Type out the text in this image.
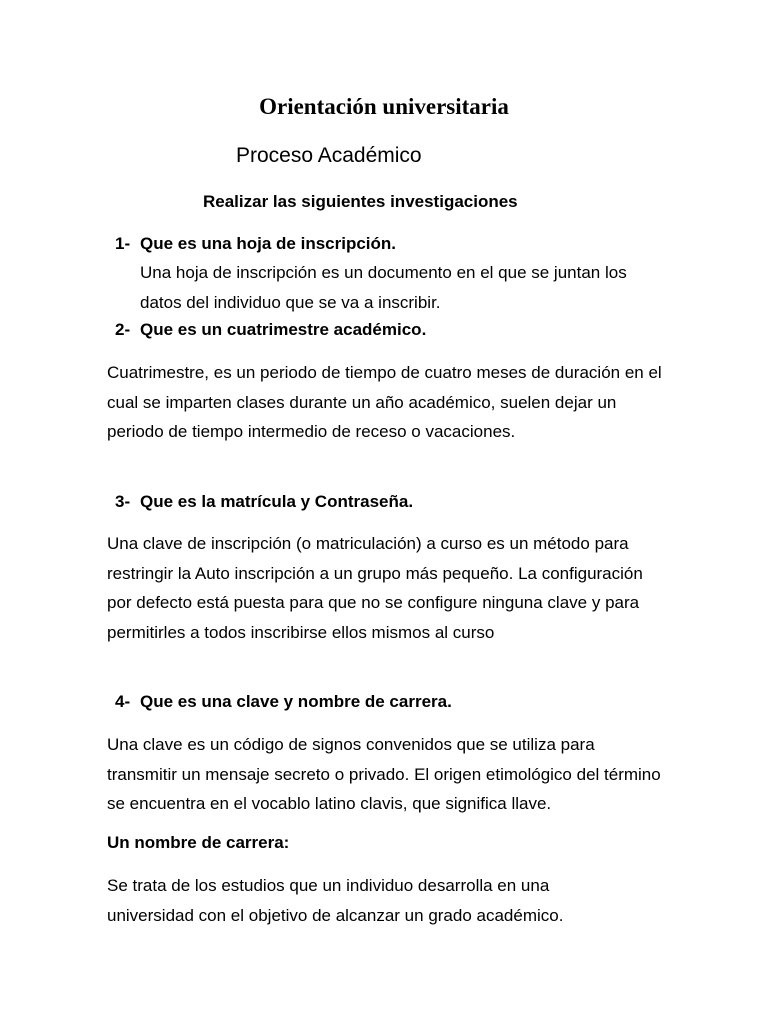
Orientación universitaria
Proceso Académico

Realizar las siguientes investigaciones

1- Que es una hoja de inscripción.

Una hoja de inscripción es un documento en el que se juntan los datos del individuo que se va a inscribir.

2- Que es un cuatrimestre académico.

Cuatrimestre, es un periodo de tiempo de cuatro meses de duración en el cual se imparten clases durante un año académico, suelen dejar un periodo de tiempo intermedio de receso o vacaciones.

3- Que es la matrícula y Contraseña.

Una clave de inscripción (o matriculación) a curso es un método para restringir la Auto inscripción a un grupo más pequeño. La configuración por defecto está puesta para que no se configure ninguna clave y para permitirles a todos inscribirse ellos mismos al curso

4- Que es una clave y nombre de carrera.

Una clave es un código de signos convenidos que se utiliza para transmitir un mensaje secreto o privado. El origen etimológico del término se encuentra en el vocablo latino clavis, que significa llave.

Un nombre de carrera:

Se trata de los estudios que un individuo desarrolla en una universidad con el objetivo de alcanzar un grado académico.
